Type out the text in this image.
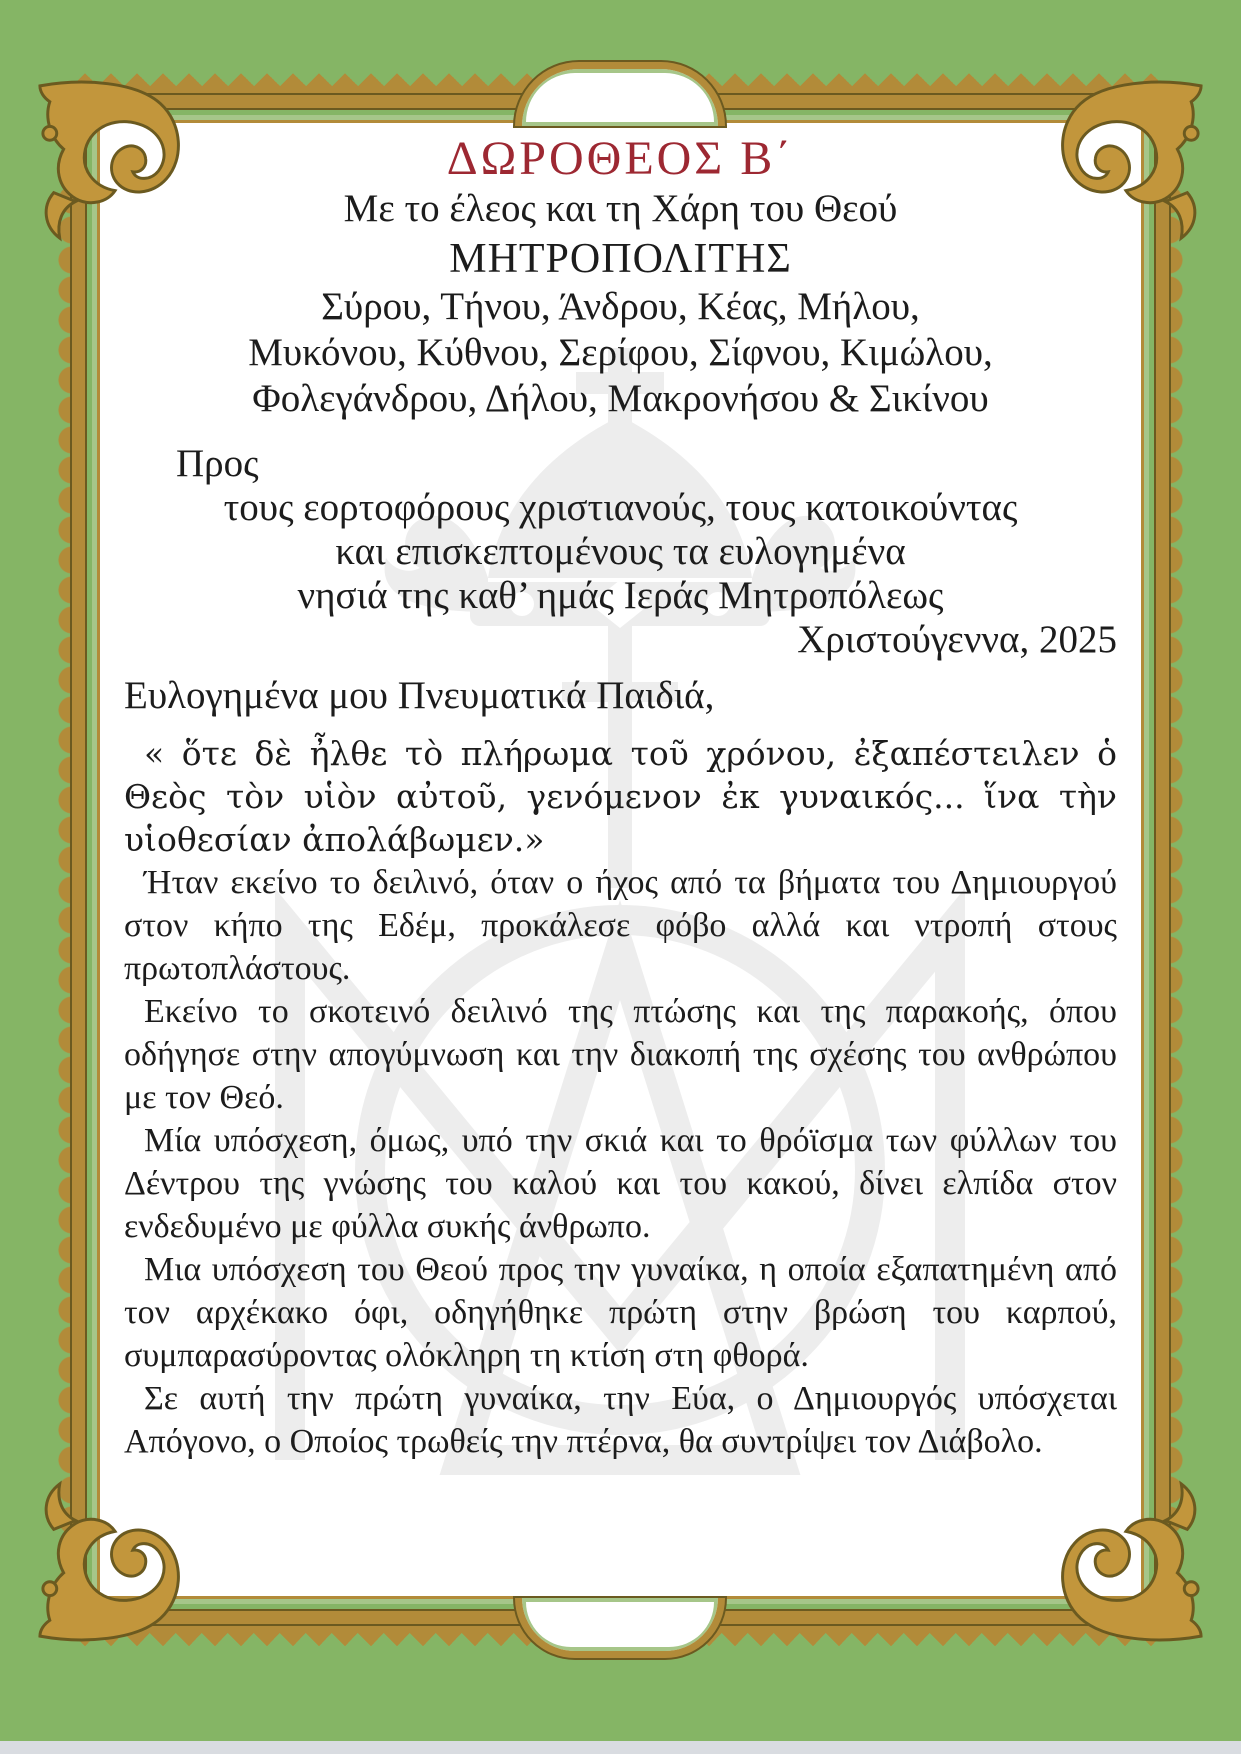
ΔΩΡΟΘΕΟΣ Β΄

Με το έλεος και τη Χάρη του Θεού

ΜΗΤΡΟΠΟΛΙΤΗΣ

Σύρου, Τήνου, Άνδρου, Κέας, Μήλου,

Μυκόνου, Κύθνου, Σερίφου, Σίφνου, Κιμώλου,

Φολεγάνδρου, Δήλου, Μακρονήσου & Σικίνου

Προς

τους εορτοφόρους χριστιανούς, τους κατοικούντας

και επισκεπτομένους τα ευλογημένα

νησιά της καθ’ ημάς Ιεράς Μητροπόλεως

Χριστούγεννα, 2025

Ευλογημένα μου Πνευματικά Παιδιά,

« ὅτε δὲ ἦλθε τὸ πλήρωμα τοῦ χρόνου, ἐξαπέστειλεν ὁ Θεὸς τὸν υἱὸν αὐτοῦ, γενόμενον ἐκ γυναικός... ἵνα τὴν υἱοθεσίαν ἀπολάβωμεν.»

Ήταν εκείνο το δειλινό, όταν ο ήχος από τα βήματα του Δημιουργού στον κήπο της Εδέμ, προκάλεσε φόβο αλλά και ντροπή στους πρωτοπλάστους.

Εκείνο το σκοτεινό δειλινό της πτώσης και της παρακοής, όπου οδήγησε στην απογύμνωση και την διακοπή της σχέσης του ανθρώπου με τον Θεό.

Μία υπόσχεση, όμως, υπό την σκιά και το θρόϊσμα των φύλλων του Δέντρου της γνώσης του καλού και του κακού, δίνει ελπίδα στον ενδεδυμένο με φύλλα συκής άνθρωπο.

Μια υπόσχεση του Θεού προς την γυναίκα, η οποία εξαπατημένη από τον αρχέκακο όφι, οδηγήθηκε πρώτη στην βρώση του καρπού, συμπαρασύροντας ολόκληρη τη κτίση στη φθορά.

Σε αυτή την πρώτη γυναίκα, την Εύα, ο Δημιουργός υπόσχεται Απόγονο, ο Οποίος τρωθείς την πτέρνα, θα συντρίψει τον Διάβολο.
